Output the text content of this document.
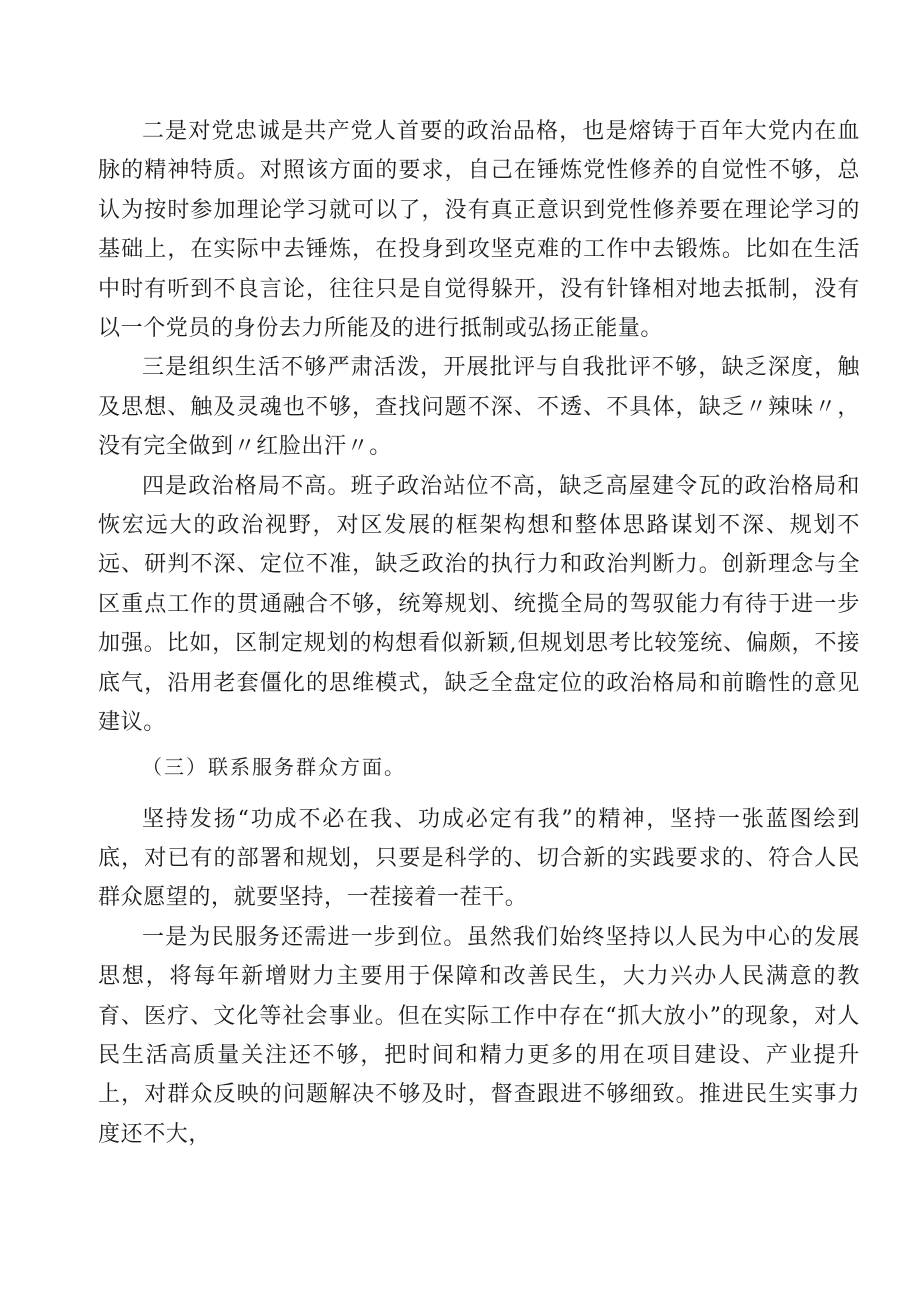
二是对党忠诚是共产党人首要的政治品格，也是熔铸于百年大党内在血脉的精神特质。对照该方面的要求，自己在锤炼党性修养的自觉性不够，总认为按时参加理论学习就可以了，没有真正意识到党性修养要在理论学习的基础上，在实际中去锤炼，在投身到攻坚克难的工作中去锻炼。比如在生活中时有听到不良言论，往往只是自觉得躲开，没有针锋相对地去抵制，没有以一个党员的身份去力所能及的进行抵制或弘扬正能量。

三是组织生活不够严肃活泼，开展批评与自我批评不够，缺乏深度，触及思想、触及灵魂也不够，查找问题不深、不透、不具体，缺乏〃辣味〃，没有完全做到〃红脸出汗〃。

四是政治格局不高。班子政治站位不高，缺乏高屋建令瓦的政治格局和恢宏远大的政治视野，对区发展的框架构想和整体思路谋划不深、规划不远、研判不深、定位不准，缺乏政治的执行力和政治判断力。创新理念与全区重点工作的贯通融合不够，统筹规划、统揽全局的驾驭能力有待于进一步加强。比如，区制定规划的构想看似新颖,但规划思考比较笼统、偏颇，不接底气，沿用老套僵化的思维模式，缺乏全盘定位的政治格局和前瞻性的意见建议。

（三）联系服务群众方面。

坚持发扬“功成不必在我、功成必定有我”的精神，坚持一张蓝图绘到底，对已有的部署和规划，只要是科学的、切合新的实践要求的、符合人民群众愿望的，就要坚持，一茬接着一茬干。

一是为民服务还需进一步到位。虽然我们始终坚持以人民为中心的发展思想，将每年新增财力主要用于保障和改善民生，大力兴办人民满意的教育、医疗、文化等社会事业。但在实际工作中存在“抓大放小”的现象，对人民生活高质量关注还不够，把时间和精力更多的用在项目建设、产业提升上，对群众反映的问题解决不够及时，督查跟进不够细致。推进民生实事力度还不大，
